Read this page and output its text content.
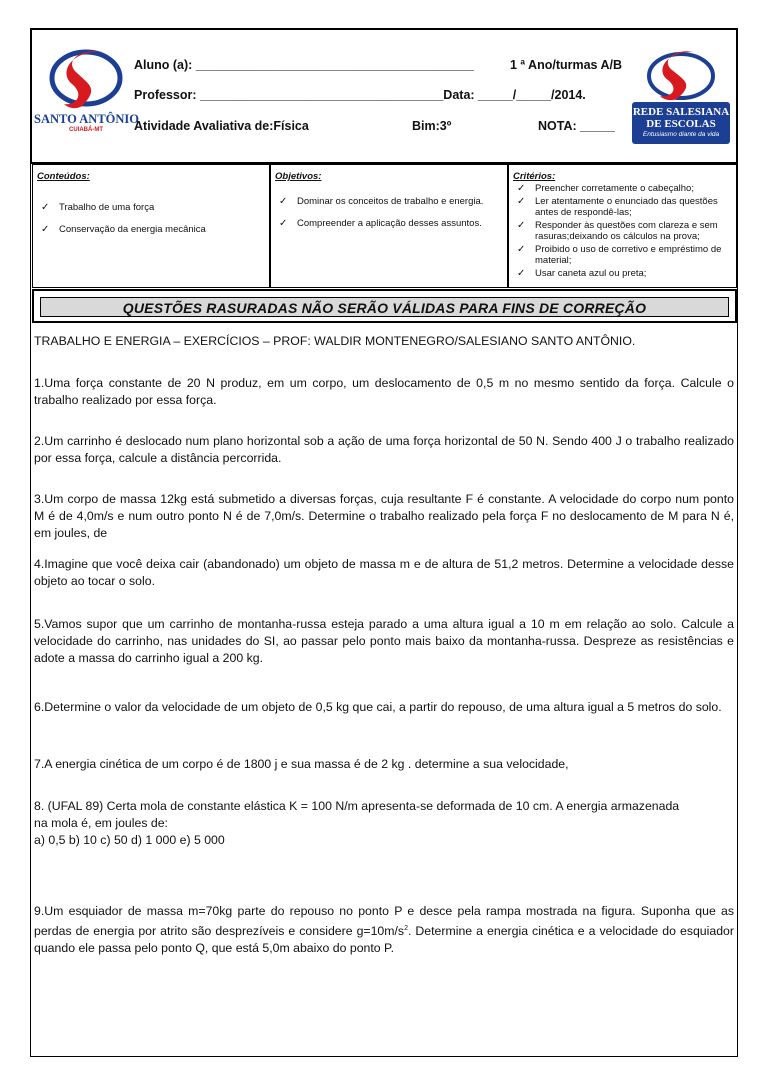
SANTO ANTÔNIO
CUIABÁ-MT
Aluno (a): ________________________________________	1 ª Ano/turmas A/B
Professor: ___________________________________Data: _____/_____/2014.
Atividade Avaliativa de:Física	Bim:3º	NOTA: _____
REDE SALESIANA
DE ESCOLAS
Entusiasmo diante da vida
Conteúdos:
✓ Trabalho de uma força
✓ Conservação da energia mecânica
Objetivos:
✓ Dominar os conceitos de trabalho e energia.
✓ Compreender a aplicação desses assuntos.
Critérios:
✓ Preencher corretamente o cabeçalho;
✓ Ler atentamente o enunciado das questões antes de respondê-las;
✓ Responder às questões com clareza e sem rasuras;deixando os cálculos na prova;
✓ Proibido o uso de corretivo e empréstimo de material;
✓ Usar caneta azul ou preta;
QUESTÕES RASURADAS NÃO SERÃO VÁLIDAS PARA FINS DE CORREÇÃO
TRABALHO E ENERGIA – EXERCÍCIOS – PROF: WALDIR MONTENEGRO/SALESIANO SANTO ANTÔNIO.
1.Uma força constante de 20 N produz, em um corpo, um deslocamento de 0,5 m no mesmo sentido da força. Calcule o trabalho realizado por essa força.
2.Um carrinho é deslocado num plano horizontal sob a ação de uma força horizontal de 50 N. Sendo 400 J o trabalho realizado por essa força, calcule a distância percorrida.
3.Um corpo de massa 12kg está submetido a diversas forças, cuja resultante F é constante. A velocidade do corpo num ponto M é de 4,0m/s e num outro ponto N é de 7,0m/s. Determine o trabalho realizado pela força F no deslocamento de M para N é, em joules, de
4.Imagine que você deixa cair (abandonado) um objeto de massa m e de altura de 51,2 metros. Determine a velocidade desse objeto ao tocar o solo.
5.Vamos supor que um carrinho de montanha-russa esteja parado a uma altura igual a 10 m em relação ao solo. Calcule a velocidade do carrinho, nas unidades do SI, ao passar pelo ponto mais baixo da montanha-russa. Despreze as resistências e adote a massa do carrinho igual a 200 kg.
6.Determine o valor da velocidade de um objeto de 0,5 kg que cai, a partir do repouso, de uma altura igual a 5 metros do solo.
7.A energia cinética de um corpo é de 1800 j e sua massa é de 2 kg . determine a sua velocidade,
8. (UFAL 89) Certa mola de constante elástica K = 100 N/m apresenta-se deformada de 10 cm. A energia armazenada
na mola é, em joules de:
a) 0,5 b) 10 c) 50 d) 1 000 e) 5 000
9.Um esquiador de massa m=70kg parte do repouso no ponto P e desce pela rampa mostrada na figura. Suponha que as perdas de energia por atrito são desprezíveis e considere $g=10m/s^2$. Determine a energia cinética e a velocidade do esquiador quando ele passa pelo ponto Q, que está 5,0m abaixo do ponto P.
